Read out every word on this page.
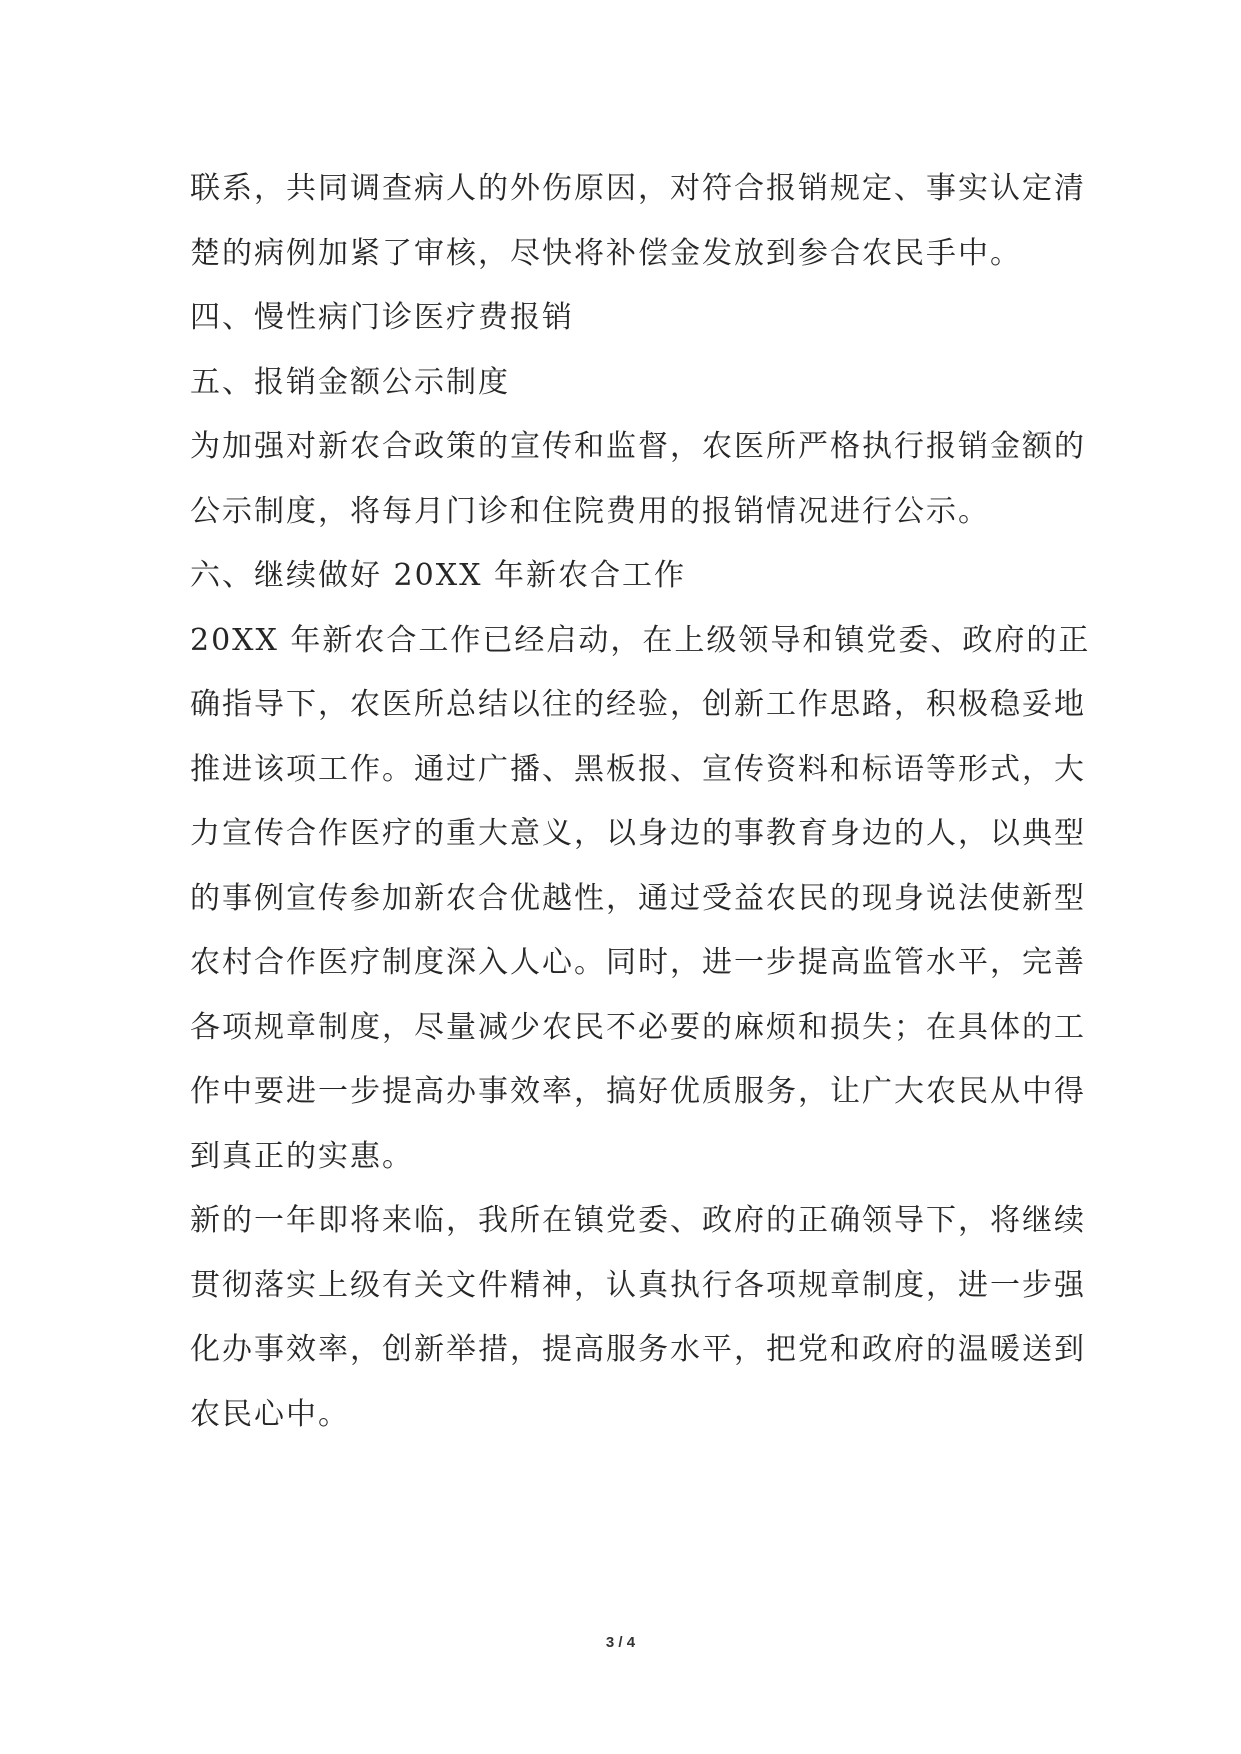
联系，共同调查病人的外伤原因，对符合报销规定、事实认定清
楚的病例加紧了审核，尽快将补偿金发放到参合农民手中。
四、慢性病门诊医疗费报销
五、报销金额公示制度
为加强对新农合政策的宣传和监督，农医所严格执行报销金额的
公示制度，将每月门诊和住院费用的报销情况进行公示。
六、继续做好 20XX 年新农合工作
20XX 年新农合工作已经启动，在上级领导和镇党委、政府的正
确指导下，农医所总结以往的经验，创新工作思路，积极稳妥地
推进该项工作。通过广播、黑板报、宣传资料和标语等形式，大
力宣传合作医疗的重大意义，以身边的事教育身边的人，以典型
的事例宣传参加新农合优越性，通过受益农民的现身说法使新型
农村合作医疗制度深入人心。同时，进一步提高监管水平，完善
各项规章制度，尽量减少农民不必要的麻烦和损失；在具体的工
作中要进一步提高办事效率，搞好优质服务，让广大农民从中得
到真正的实惠。
新的一年即将来临，我所在镇党委、政府的正确领导下，将继续
贯彻落实上级有关文件精神，认真执行各项规章制度，进一步强
化办事效率，创新举措，提高服务水平，把党和政府的温暖送到
农民心中。
3 / 4
